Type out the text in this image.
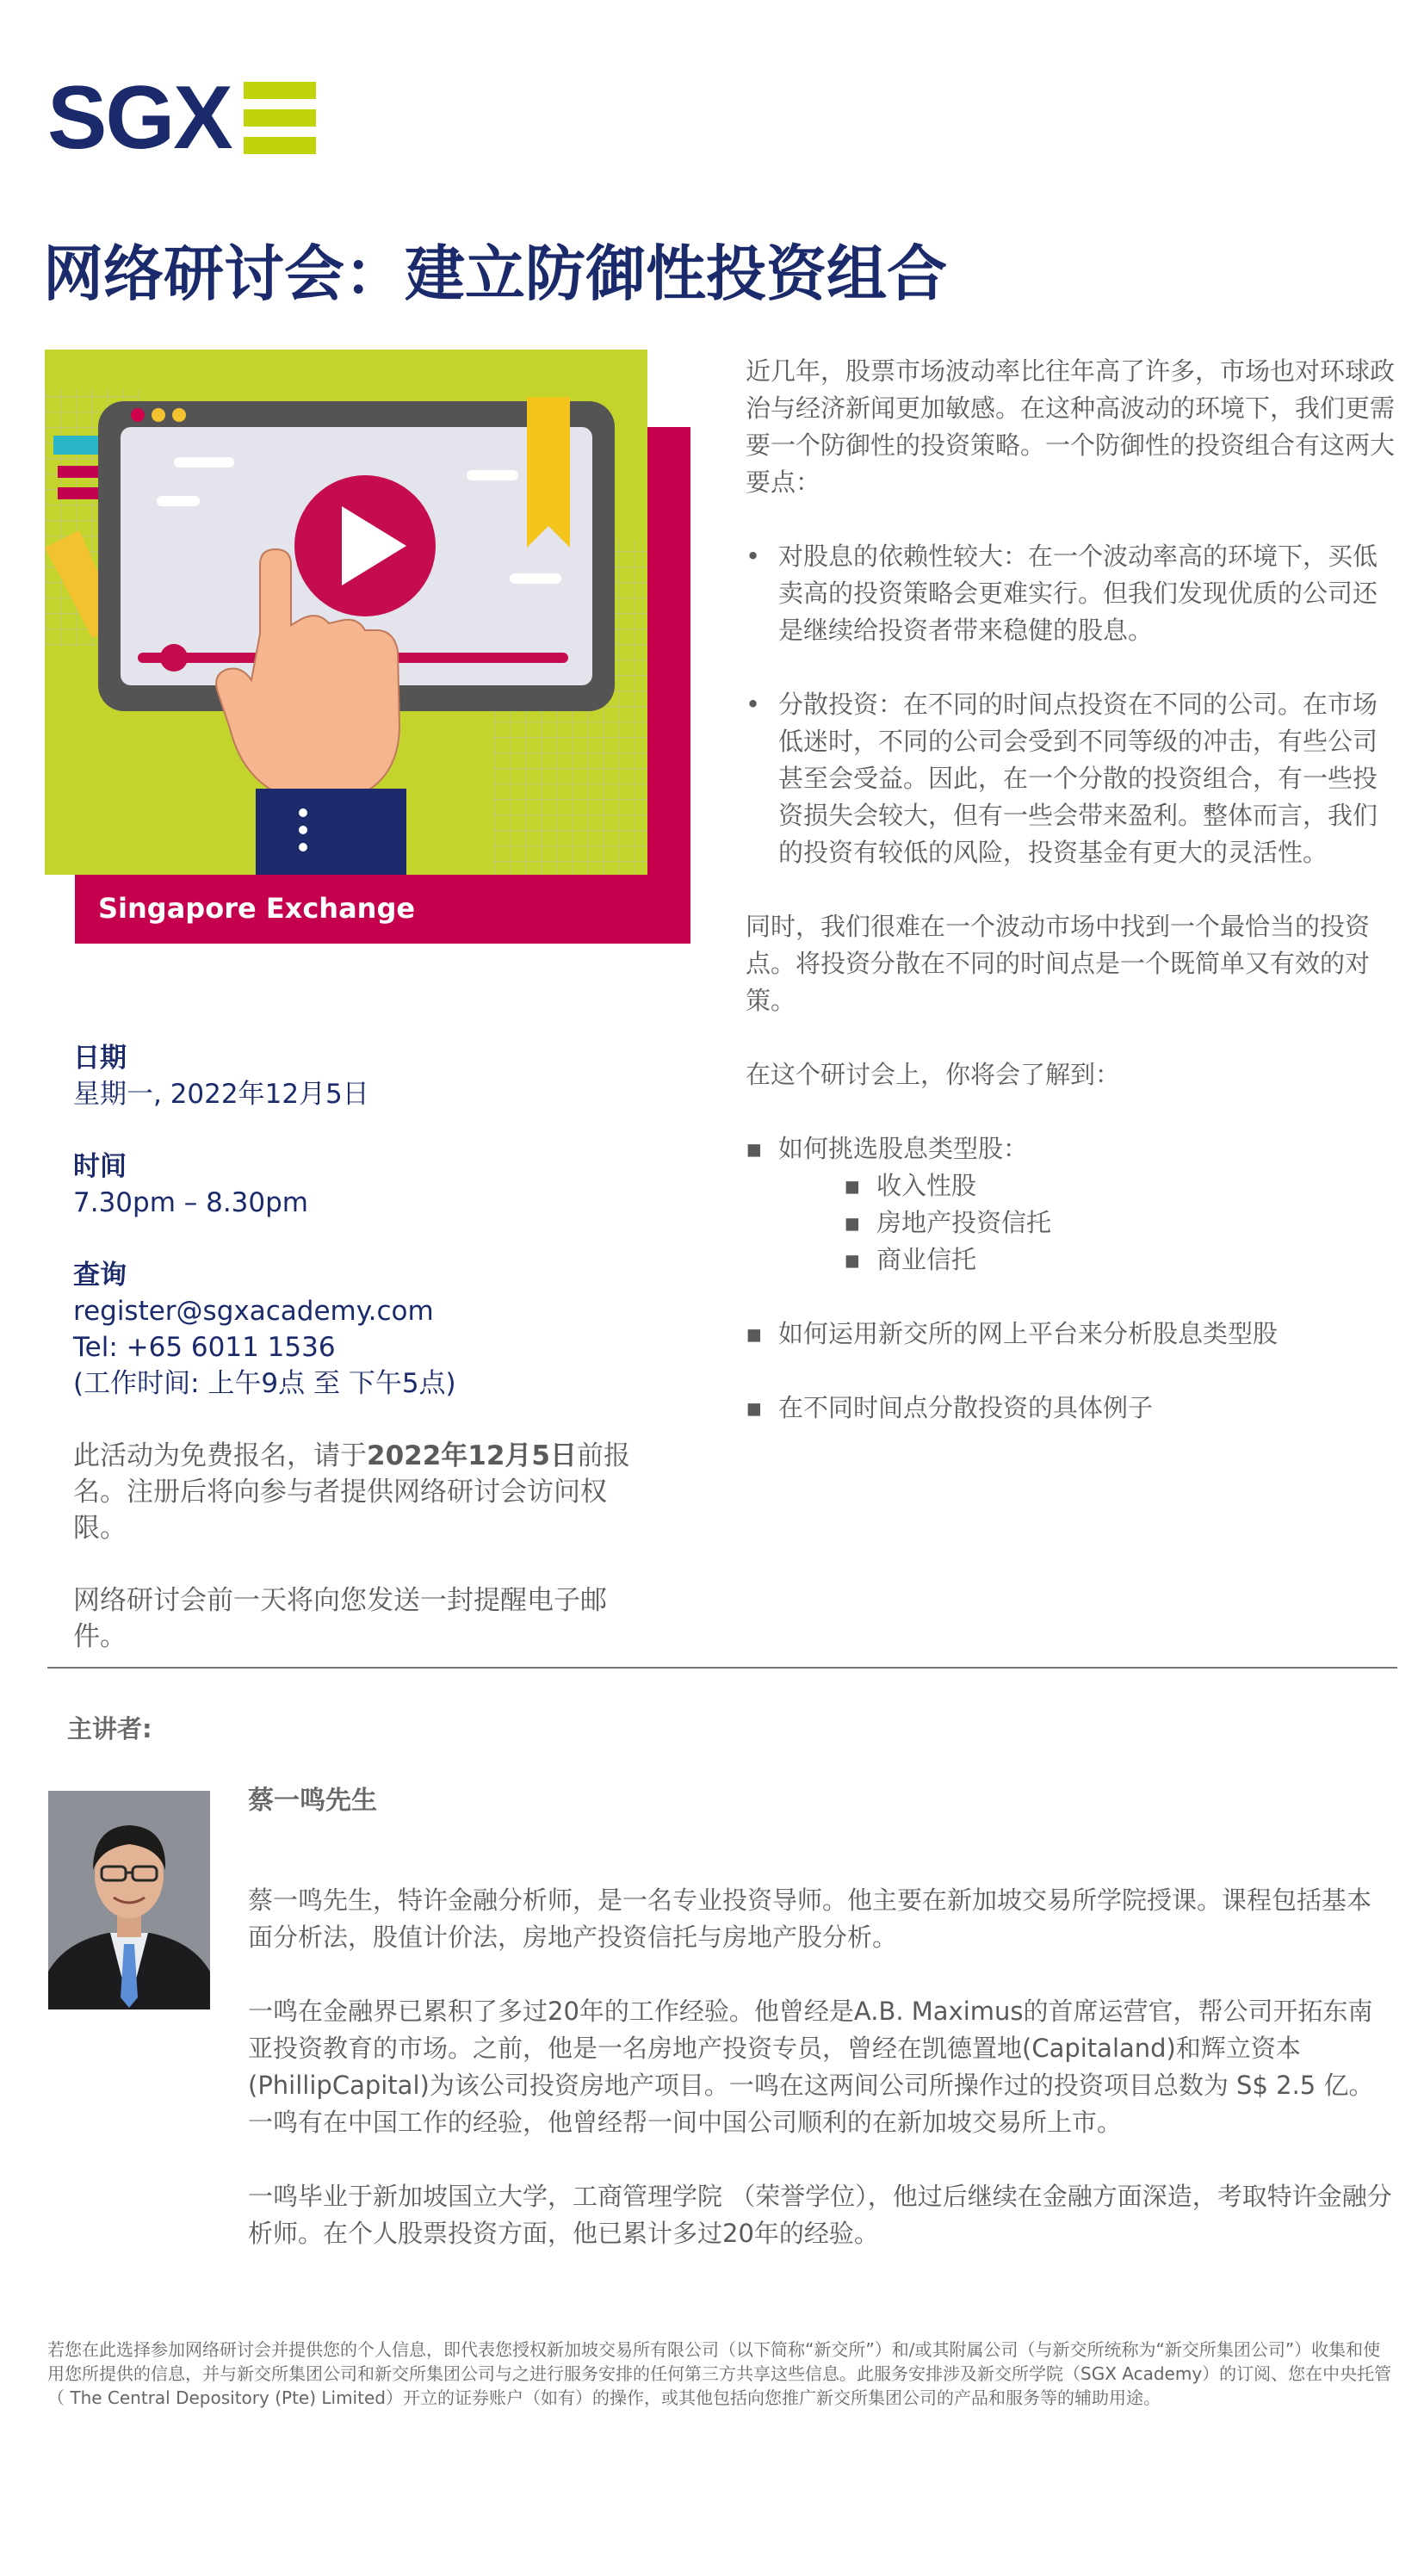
SGX
网络研讨会：建立防御性投资组合
Singapore Exchange

近几年，股票市场波动率比往年高了许多，市场也对环球政治与经济新闻更加敏感。在这种高波动的环境下，我们更需要一个防御性的投资策略。一个防御性的投资组合有这两大要点：

• 对股息的依赖性较大：在一个波动率高的环境下，买低卖高的投资策略会更难实行。但我们发现优质的公司还是继续给投资者带来稳健的股息。
• 分散投资：在不同的时间点投资在不同的公司。在市场低迷时，不同的公司会受到不同等级的冲击，有些公司甚至会受益。因此，在一个分散的投资组合，有一些投资损失会较大，但有一些会带来盈利。整体而言，我们的投资有较低的风险，投资基金有更大的灵活性。

同时，我们很难在一个波动市场中找到一个最恰当的投资点。将投资分散在不同的时间点是一个既简单又有效的对策。

在这个研讨会上，你将会了解到：

▪ 如何挑选股息类型股：
▪ 收入性股
▪ 房地产投资信托
▪ 商业信托
▪ 如何运用新交所的网上平台来分析股息类型股
▪ 在不同时间点分散投资的具体例子
日期
星期一, 2022年12月5日
时间
7.30pm – 8.30pm
查询
register@sgxacademy.com
Tel: +65 6011 1536
(工作时间: 上午9点 至 下午5点)
此活动为免费报名，请于2022年12月5日前报名。注册后将向参与者提供网络研讨会访问权限。
网络研讨会前一天将向您发送一封提醒电子邮件。
主讲者:
蔡一鸣先生

蔡一鸣先生，特许金融分析师，是一名专业投资导师。他主要在新加坡交易所学院授课。课程包括基本面分析法，股值计价法，房地产投资信托与房地产股分析。

一鸣在金融界已累积了多过20年的工作经验。他曾经是A.B. Maximus的首席运营官，帮公司开拓东南亚投资教育的市场。之前，他是一名房地产投资专员，曾经在凯德置地(Capitaland)和辉立资本(PhillipCapital)为该公司投资房地产项目。一鸣在这两间公司所操作过的投资项目总数为 S$ 2.5 亿。一鸣有在中国工作的经验，他曾经帮一间中国公司顺利的在新加坡交易所上市。

一鸣毕业于新加坡国立大学，工商管理学院 （荣誉学位），他过后继续在金融方面深造，考取特许金融分析师。在个人股票投资方面，他已累计多过20年的经验。

若您在此选择参加网络研讨会并提供您的个人信息，即代表您授权新加坡交易所有限公司（以下简称“新交所”）和/或其附属公司（与新交所统称为“新交所集团公司”）收集和使用您所提供的信息，并与新交所集团公司和新交所集团公司与之进行服务安排的任何第三方共享这些信息。此服务安排涉及新交所学院（SGX Academy）的订阅、您在中央托管（ The Central Depository (Pte) Limited）开立的证券账户（如有）的操作，或其他包括向您推广新交所集团公司的产品和服务等的辅助用途。
